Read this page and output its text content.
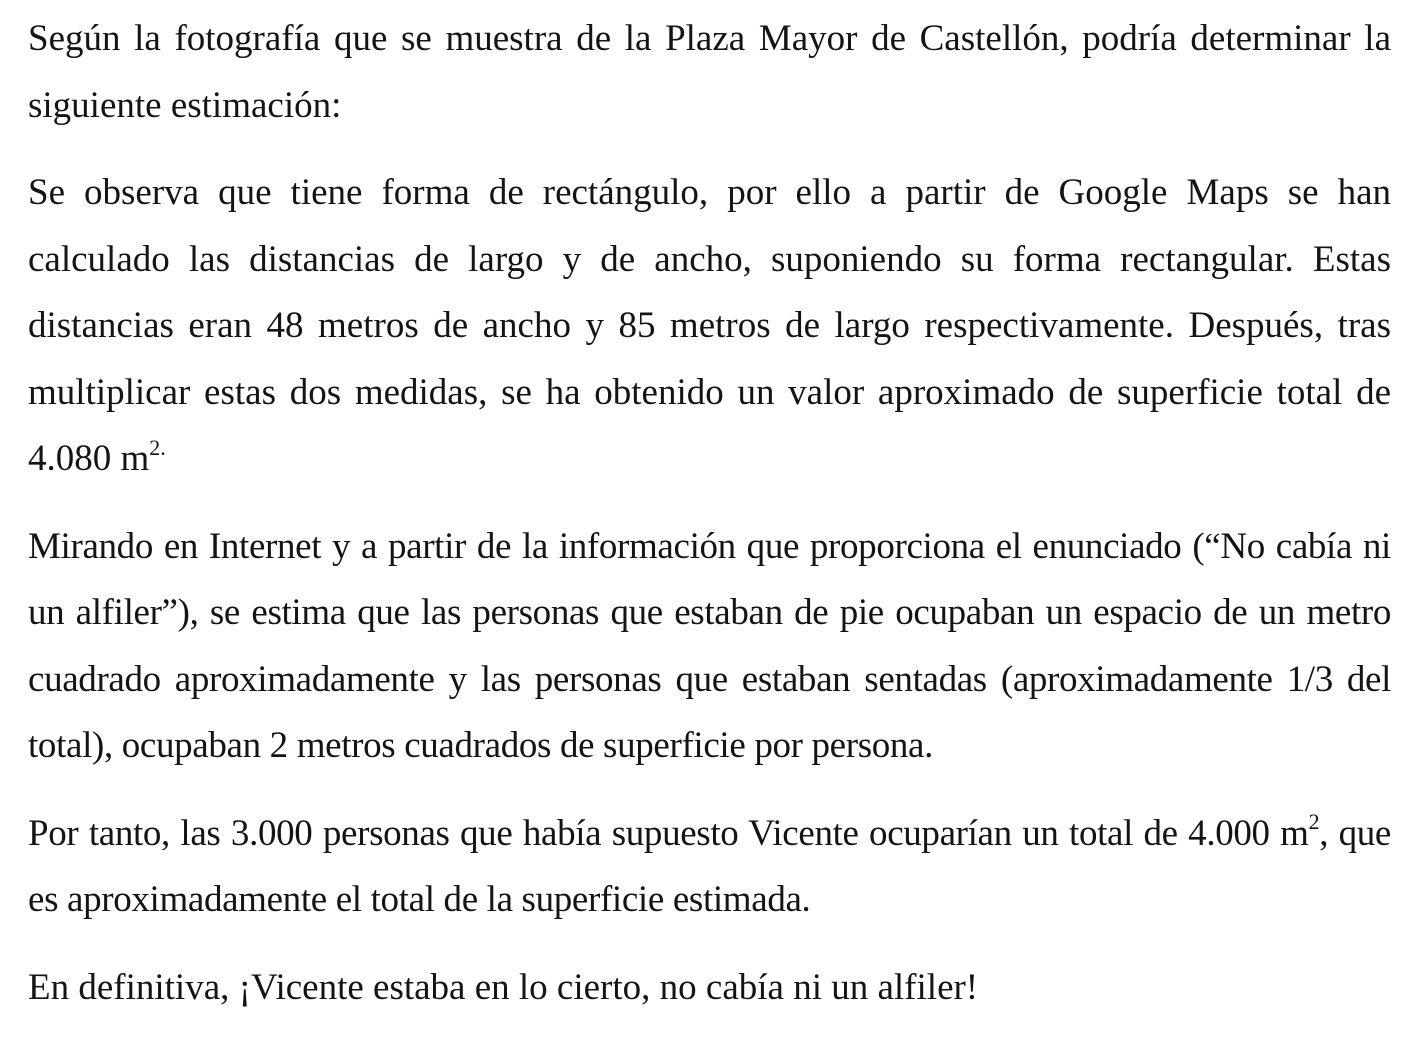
Según la fotografía que se muestra de la Plaza Mayor de Castellón, podría determinar la siguiente estimación:

Se observa que tiene forma de rectángulo, por ello a partir de Google Maps se han calculado las distancias de largo y de ancho, suponiendo su forma rectangular. Estas distancias eran 48 metros de ancho y 85 metros de largo respectivamente. Después, tras multiplicar estas dos medidas, se ha obtenido un valor aproximado de superficie total de 4.080 $m^{2.}$

Mirando en Internet y a partir de la información que proporciona el enunciado (“No cabía ni un alfiler”), se estima que las personas que estaban de pie ocupaban un espacio de un metro cuadrado aproximadamente y las personas que estaban sentadas (aproximadamente 1/3 del total), ocupaban 2 metros cuadrados de superficie por persona.

Por tanto, las 3.000 personas que había supuesto Vicente ocuparían un total de 4.000 $m^2$, que es aproximadamente el total de la superficie estimada.

En definitiva, ¡Vicente estaba en lo cierto, no cabía ni un alfiler!
